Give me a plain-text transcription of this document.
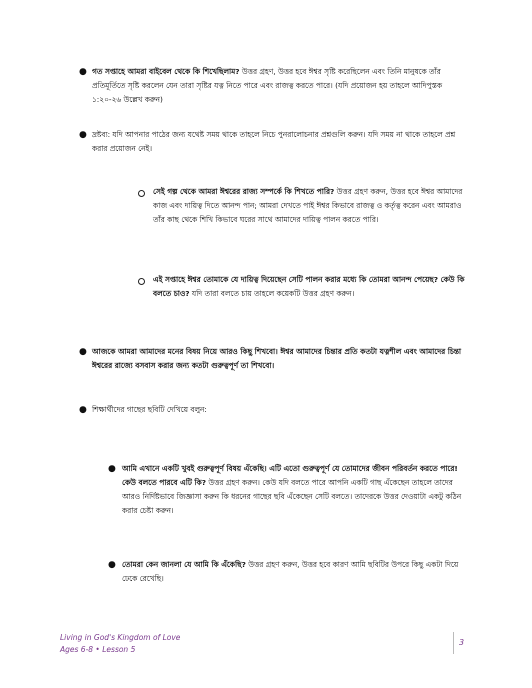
● গত সপ্তাহে আমরা বাইবেল থেকে কি শিখেছিলাম? উত্তর গ্রহণ, উত্তর হবে ঈশ্বর সৃষ্টি করেছিলেন এবং তিনি মানুষকে তাঁর প্রতিমূর্তিতে সৃষ্টি করলেন যেন তারা সৃষ্টির যত্ন নিতে পারে এবং রাজত্ব করতে পারে। (যদি প্রয়োজন হয় তাহলে আদিপুস্তক ১:২০-২৬ উল্লেখ করুন)
● দ্রষ্টব্য: যদি আপনার পাঠের জন্য যথেষ্ট সময় থাকে তাহলে নিচে পুনরালোচনার প্রশ্নগুলি করুন। যদি সময় না থাকে তাহলে প্রশ্ন করার প্রয়োজন নেই।
সেই গল্প থেকে আমরা ঈশ্বরের রাজ্য সম্পর্কে কি শিখতে পারি? উত্তর গ্রহণ করুন, উত্তর হবে ঈশ্বর আমাদের কাজ এবং দায়িত্ব দিতে আনন্দ পান; আমরা দেখতে পাই ঈশ্বর কিভাবে রাজত্ব ও কর্তৃত্ব করেন এবং আমরাও তাঁর কাছ থেকে শিখি কিভাবে ঘরের সাথে আমাদের দায়িত্ব পালন করতে পারি।
এই সপ্তাহে ঈশ্বর তোমাকে যে দায়িত্ব দিয়েছেন সেটি পালন করার মধ্যে কি তোমরা আনন্দ পেয়েছ? কেউ কি বলতে চাও? যদি তারা বলতে চায় তাহলে কয়েকটি উত্তর গ্রহণ করুন।
● আজকে আমরা আমাদের মনের বিষয় নিয়ে আরও কিছু শিখবো। ঈশ্বর আমাদের চিন্তার প্রতি কতটা যত্নশীল এবং আমাদের চিন্তা ঈশ্বরের রাজ্যে বসবাস করার জন্য কতটা গুরুত্বপূর্ণ তা শিখবো।
● শিক্ষার্থীদের গাছের ছবিটি দেখিয়ে বলুন:
● আমি এখানে একটি খুবই গুরুত্বপূর্ণ বিষয় এঁকেছি। এটি এতো গুরুত্বপূর্ণ যে তোমাদের জীবন পরিবর্তন করতে পারে! কেউ বলতে পারবে এটি কি? উত্তর গ্রহণ করুন। কেউ যদি বলতে পারে আপনি একটি গাছ এঁকেছেন তাহলে তাদের আরও নির্দিষ্টভাবে জিজ্ঞাসা করুন কি ধরনের গাছের ছবি এঁকেছেন সেটি বলতে। তাদেরকে উত্তর দেওয়াটা একটু কঠিন করার চেষ্টা করুন।
● তোমরা কেন জানলা যে আমি কি এঁকেছি? উত্তর গ্রহণ করুন, উত্তর হবে কারণ আমি ছবিটির উপরে কিছু একটা দিয়ে ঢেকে রেখেছি।
Living in God's Kingdom of Love
Ages 6-8 • Lesson 5
3
